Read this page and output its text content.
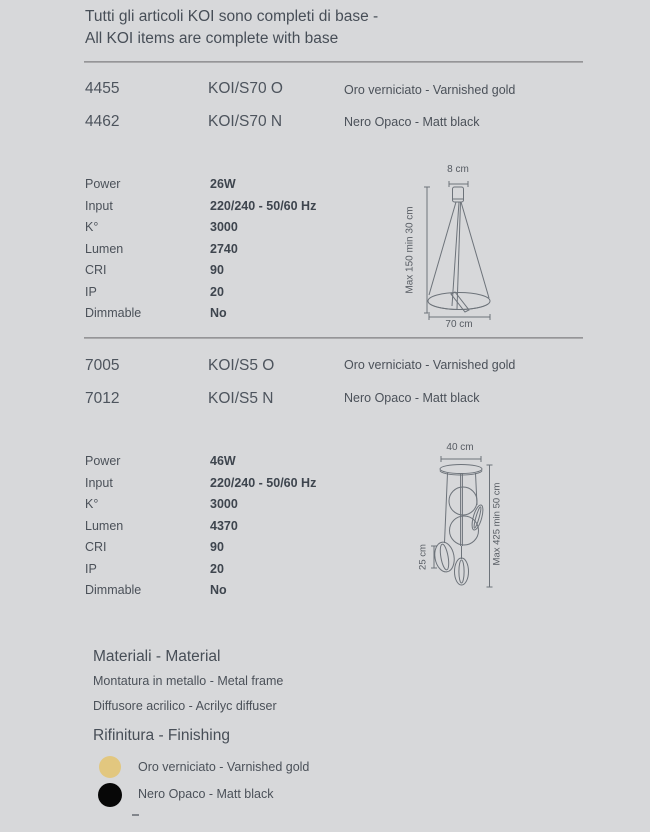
Tutti gli articoli KOI sono completi di base -
All KOI items are complete with base
4455	KOI/S70 O	Oro verniciato - Varnished gold
4462	KOI/S70 N	Nero Opaco - Matt black
Power	26W
Input	220/240 - 50/60 Hz
K°	3000
Lumen	2740
CRI	90
IP	20
Dimmable	No
8 cm
Max 150 min 30 cm
70 cm
7005	KOI/S5 O	Oro verniciato - Varnished gold
7012	KOI/S5 N	Nero Opaco - Matt black
Power	46W
Input	220/240 - 50/60 Hz
K°	3000
Lumen	4370
CRI	90
IP	20
Dimmable	No
40 cm
Max 425 min 50 cm
25 cm
Materiali - Material
Montatura in metallo - Metal frame
Diffusore acrilico - Acrilyc diffuser
Rifinitura - Finishing
Oro verniciato - Varnished gold
Nero Opaco - Matt black
